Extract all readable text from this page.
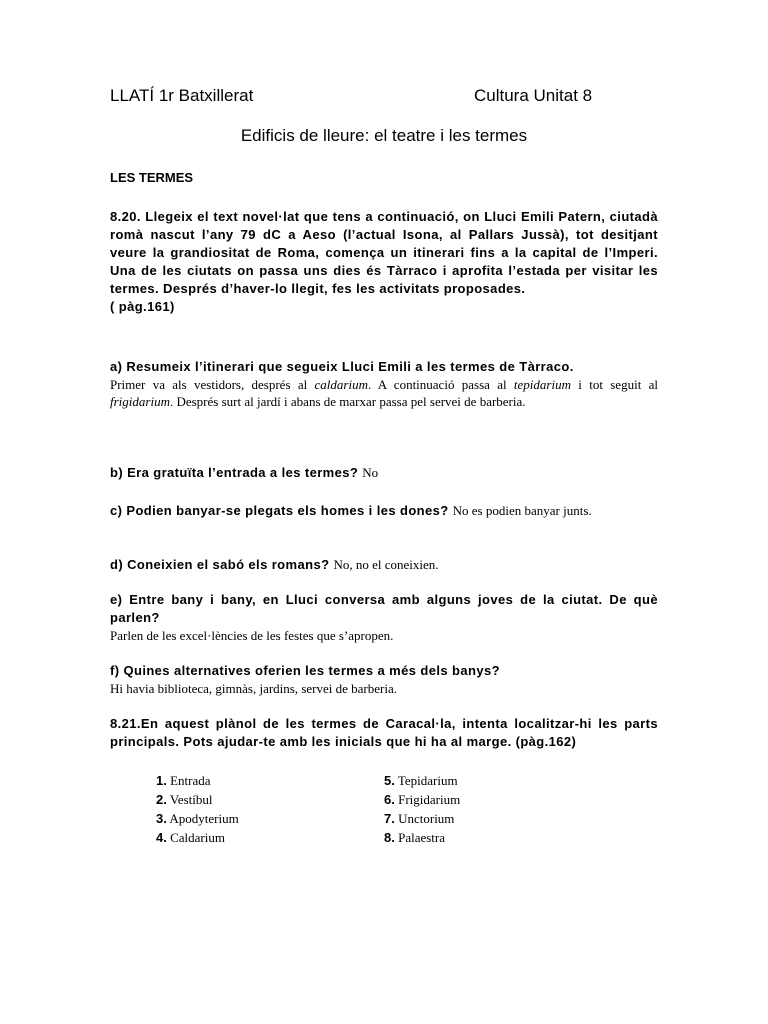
LLATÍ 1r Batxillerat	Cultura Unitat 8
Edificis de lleure: el teatre i les termes
LES TERMES
8.20. Llegeix el text novel·lat que tens a continuació, on Lluci Emili Patern, ciutadà romà nascut l’any 79 dC a Aeso (l’actual Isona, al Pallars Jussà), tot desitjant veure la grandiositat de Roma, comença un itinerari fins a la capital de l’Imperi. Una de les ciutats on passa uns dies és Tàrraco i aprofita l’estada per visitar les termes. Després d’haver-lo llegit, fes les activitats proposades.
( pàg.161)
a) Resumeix l’itinerari que segueix Lluci Emili a les termes de Tàrraco.
Primer va als vestidors, després al caldarium. A continuació passa al tepidarium i tot seguit al frigidarium. Després surt al jardí i abans de marxar passa pel servei de barberia.
b) Era gratuïta l’entrada a les termes? No
c) Podien banyar-se plegats els homes i les dones? No es podien banyar junts.
d) Coneixien el sabó els romans? No, no el coneixien.
e) Entre bany i bany, en Lluci conversa amb alguns joves de la ciutat. De què parlen?
Parlen de les excel·lències de les festes que s’apropen.
f) Quines alternatives oferien les termes a més dels banys?
Hi havia biblioteca, gimnàs, jardins, servei de barberia.
8.21.En aquest plànol de les termes de Caracal·la, intenta localitzar-hi les parts principals. Pots ajudar-te amb les inicials que hi ha al marge. (pàg.162)
1. Entrada
2. Vestíbul
3. Apodyterium
4. Caldarium
5. Tepidarium
6. Frigidarium
7. Unctorium
8. Palaestra
